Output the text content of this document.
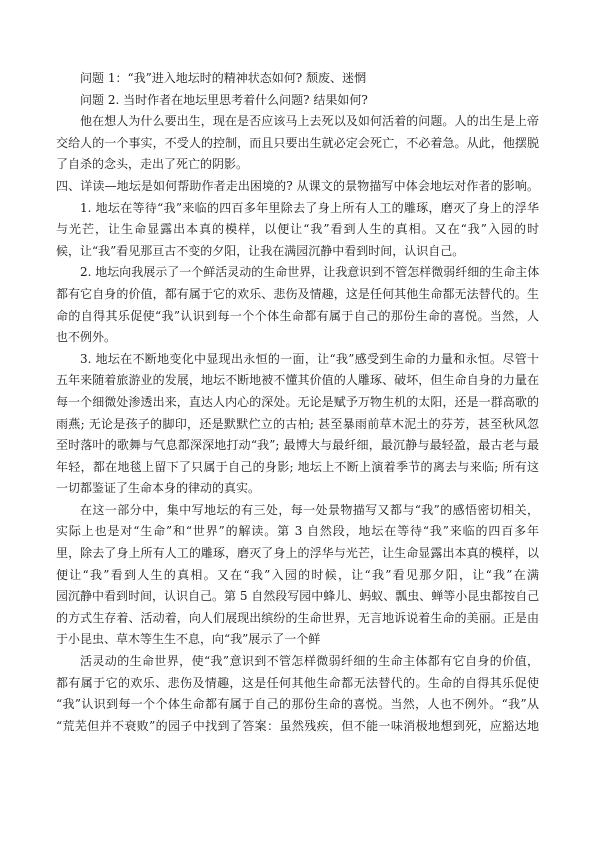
问题 1：“我”进入地坛时的精神状态如何? 颓废、迷惘

问题 2. 当时作者在地坛里思考着什么问题? 结果如何?

他在想人为什么要出生，现在是否应该马上去死以及如何活着的问题。人的出生是上帝

交给人的一个事实，不受人的控制，而且只要出生就必定会死亡，不必着急。从此，他摆脱

了自杀的念头，走出了死亡的阴影。

四、详读—地坛是如何帮助作者走出困境的? 从课文的景物描写中体会地坛对作者的影响。

1. 地坛在等待“我”来临的四百多年里除去了身上所有人工的雕琢，磨灭了身上的浮华

与光芒，让生命显露出本真的模样，以便让“我”看到人生的真相。又在“我”入园的时

候，让“我”看见那亘古不变的夕阳，让我在满园沉静中看到时间，认识自己。

2. 地坛向我展示了一个鲜活灵动的生命世界，让我意识到不管怎样微弱纤细的生命主体

都有它自身的价值，都有属于它的欢乐、悲伤及情趣，这是任何其他生命都无法替代的。生

命的自得其乐促使“我”认识到每一个个体生命都有属于自己的那份生命的喜悦。当然，人

也不例外。

3. 地坛在不断地变化中显现出永恒的一面，让“我”感受到生命的力量和永恒。尽管十

五年来随着旅游业的发展，地坛不断地被不懂其价值的人雕琢、破坏，但生命自身的力量在

每一个细微处渗透出来，直达人内心的深处。无论是赋予万物生机的太阳，还是一群高歌的

雨燕; 无论是孩子的脚印，还是默默伫立的古柏; 甚至暴雨前草木泥土的芬芳，甚至秋风忽

至时落叶的歌舞与气息都深深地打动“我”; 最博大与最纤细，最沉静与最轻盈，最古老与最

年轻，都在地毯上留下了只属于自己的身影; 地坛上不断上演着季节的离去与来临; 所有这

一切都鉴证了生命本身的律动的真实。

在这一部分中，集中写地坛的有三处，每一处景物描写又都与“我”的感悟密切相关，

实际上也是对“生命”和“世界”的解读。第 3 自然段，地坛在等待“我”来临的四百多年

里，除去了身上所有人工的雕琢，磨灭了身上的浮华与光芒，让生命显露出本真的模样，以

便让“我”看到人生的真相。又在“我”入园的时候，让“我”看见那夕阳，让“我”在满

园沉静中看到时间，认识自己。第 5 自然段写园中蜂儿、蚂蚁、瓢虫、蝉等小昆虫都按自己

的方式生存着、活动着，向人们展现出缤纷的生命世界，无言地诉说着生命的美丽。正是由

于小昆虫、草木等生生不息，向“我”展示了一个鲜

活灵动的生命世界，使“我”意识到不管怎样微弱纤细的生命主体都有它自身的价值，

都有属于它的欢乐、悲伤及情趣，这是任何其他生命都无法替代的。生命的自得其乐促使

“我”认识到每一个个体生命都有属于自己的那份生命的喜悦。当然，人也不例外。“我”从

“荒芜但并不衰败”的园子中找到了答案：虽然残疾，但不能一味消极地想到死，应豁达地
